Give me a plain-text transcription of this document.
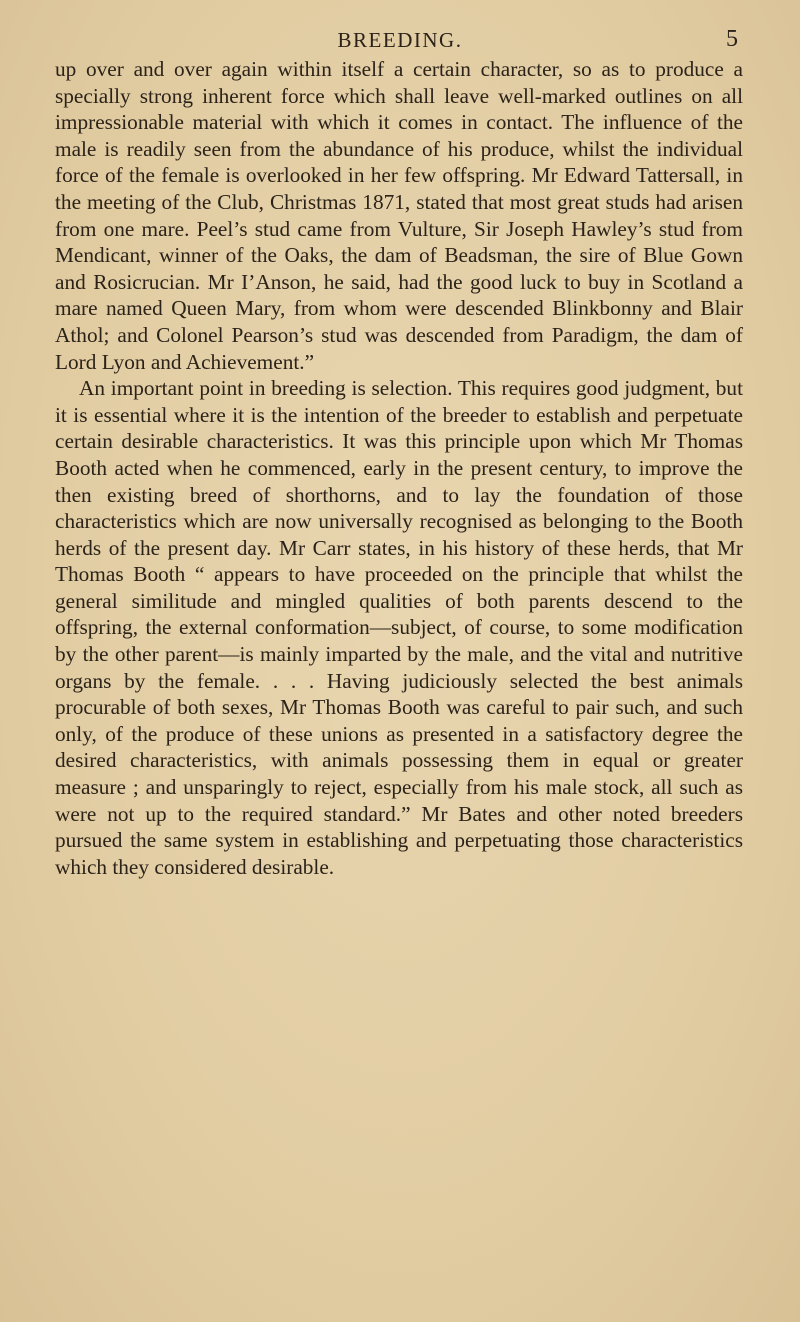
BREEDING.	5

up over and over again within itself a certain character, so as to produce a specially strong inherent force which shall leave well-marked outlines on all impressionable material with which it comes in contact. The influence of the male is readily seen from the abundance of his produce, whilst the individual force of the female is overlooked in her few offspring. Mr Edward Tattersall, in the meeting of the Club, Christmas 1871, stated that most great studs had arisen from one mare. Peel’s stud came from Vulture, Sir Joseph Hawley’s stud from Mendicant, winner of the Oaks, the dam of Beadsman, the sire of Blue Gown and Rosicrucian. Mr I’Anson, he said, had the good luck to buy in Scotland a mare named Queen Mary, from whom were descended Blinkbonny and Blair Athol; and Colonel Pearson’s stud was descended from Paradigm, the dam of Lord Lyon and Achievement.”

An important point in breeding is selection. This requires good judgment, but it is essential where it is the intention of the breeder to establish and perpetuate certain desirable characteristics. It was this principle upon which Mr Thomas Booth acted when he commenced, early in the present century, to improve the then existing breed of shorthorns, and to lay the foundation of those characteristics which are now universally recognised as belonging to the Booth herds of the present day. Mr Carr states, in his history of these herds, that Mr Thomas Booth “ appears to have proceeded on the principle that whilst the general similitude and mingled qualities of both parents descend to the offspring, the external conformation—subject, of course, to some modification by the other parent—is mainly imparted by the male, and the vital and nutritive organs by the female. . . . Having judiciously selected the best animals procurable of both sexes, Mr Thomas Booth was careful to pair such, and such only, of the produce of these unions as presented in a satisfactory degree the desired characteristics, with animals possessing them in equal or greater measure ; and unsparingly to reject, especially from his male stock, all such as were not up to the required standard.” Mr Bates and other noted breeders pursued the same system in establishing and perpetuating those characteristics which they considered desirable.
